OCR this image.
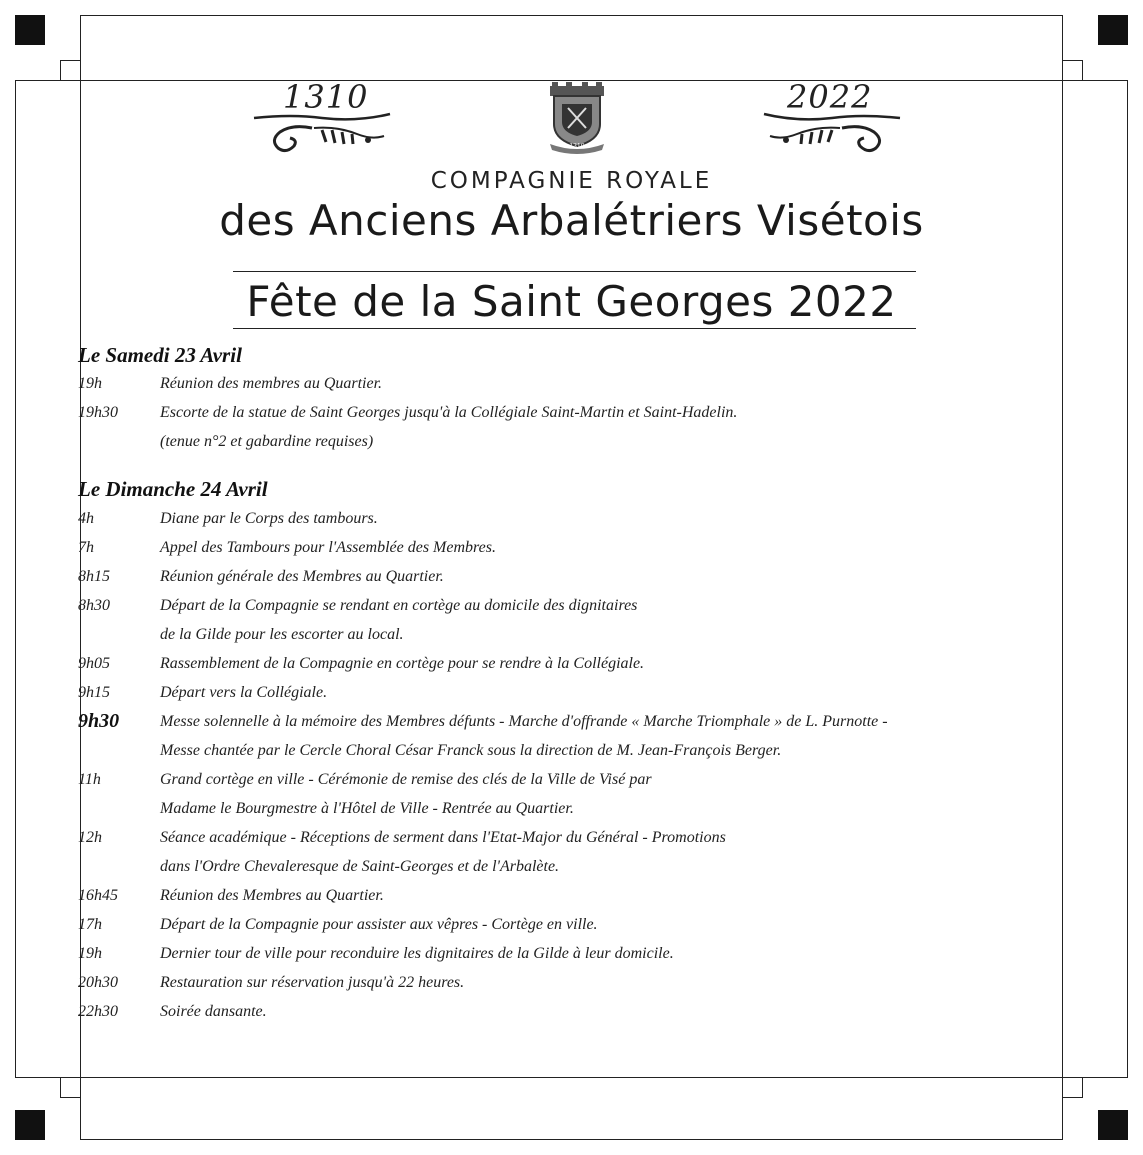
1310	2022
1310
COMPAGNIE ROYALE
des Anciens Arbalétriers Visétois
Fête de la Saint Georges 2022
Le Samedi 23 Avril
19h	Réunion des membres au Quartier.
19h30	Escorte de la statue de Saint Georges jusqu'à la Collégiale Saint-Martin et Saint-Hadelin.
(tenue n°2 et gabardine requises)
Le Dimanche 24 Avril
4h	Diane par le Corps des tambours.
7h	Appel des Tambours pour l'Assemblée des Membres.
8h15	Réunion générale des Membres au Quartier.
8h30	Départ de la Compagnie se rendant en cortège au domicile des dignitaires
de la Gilde pour les escorter au local.
9h05	Rassemblement de la Compagnie en cortège pour se rendre à la Collégiale.
9h15	Départ vers la Collégiale.
9h30	Messe solennelle à la mémoire des Membres défunts - Marche d'offrande « Marche Triomphale » de L. Purnotte -
Messe chantée par le Cercle Choral César Franck sous la direction de M. Jean-François Berger.
11h	Grand cortège en ville - Cérémonie de remise des clés de la Ville de Visé par
Madame le Bourgmestre à l'Hôtel de Ville - Rentrée au Quartier.
12h	Séance académique - Réceptions de serment dans l'Etat-Major du Général - Promotions
dans l'Ordre Chevaleresque de Saint-Georges et de l'Arbalète.
16h45	Réunion des Membres au Quartier.
17h	Départ de la Compagnie pour assister aux vêpres - Cortège en ville.
19h	Dernier tour de ville pour reconduire les dignitaires de la Gilde à leur domicile.
20h30	Restauration sur réservation jusqu'à 22 heures.
22h30	Soirée dansante.
